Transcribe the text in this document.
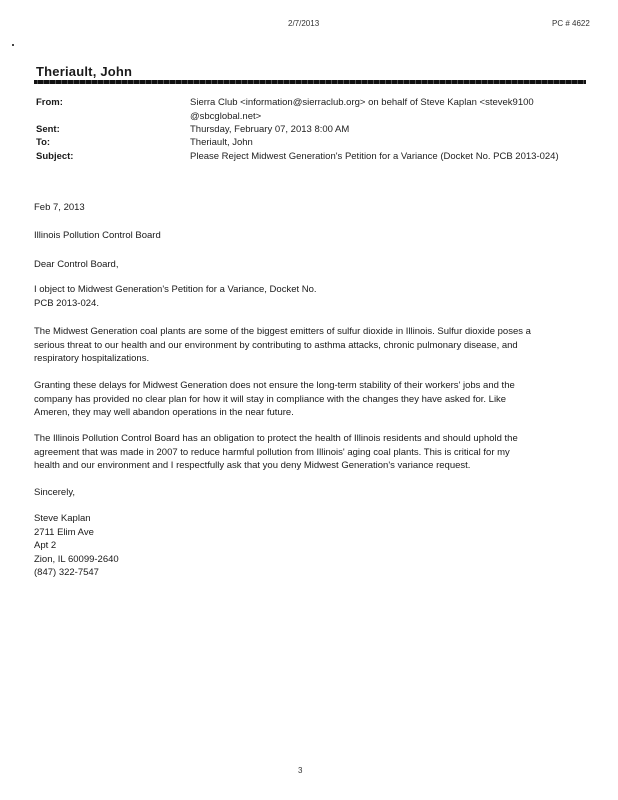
2/7/2013	PC # 4622
Theriault, John
From:	Sierra Club <information@sierraclub.org> on behalf of Steve Kaplan <stevek9100
@sbcglobal.net>
Sent:	Thursday, February 07, 2013 8:00 AM
To:	Theriault, John
Subject:	Please Reject Midwest Generation's Petition for a Variance (Docket No. PCB 2013-024)
Feb 7, 2013
Illinois Pollution Control Board
Dear Control Board,
I object to Midwest Generation's Petition for a Variance, Docket No.
PCB 2013-024.
The Midwest Generation coal plants are some of the biggest emitters of sulfur dioxide in Illinois. Sulfur dioxide poses a
serious threat to our health and our environment by contributing to asthma attacks, chronic pulmonary disease, and
respiratory hospitalizations.
Granting these delays for Midwest Generation does not ensure the long-term stability of their workers' jobs and the
company has provided no clear plan for how it will stay in compliance with the changes they have asked for. Like
Ameren, they may well abandon operations in the near future.
The Illinois Pollution Control Board has an obligation to protect the health of Illinois residents and should uphold the
agreement that was made in 2007 to reduce harmful pollution from Illinois' aging coal plants. This is critical for my
health and our environment and I respectfully ask that you deny Midwest Generation's variance request.
Sincerely,
Steve Kaplan
2711 Elim Ave
Apt 2
Zion, IL 60099-2640
(847) 322-7547
3
